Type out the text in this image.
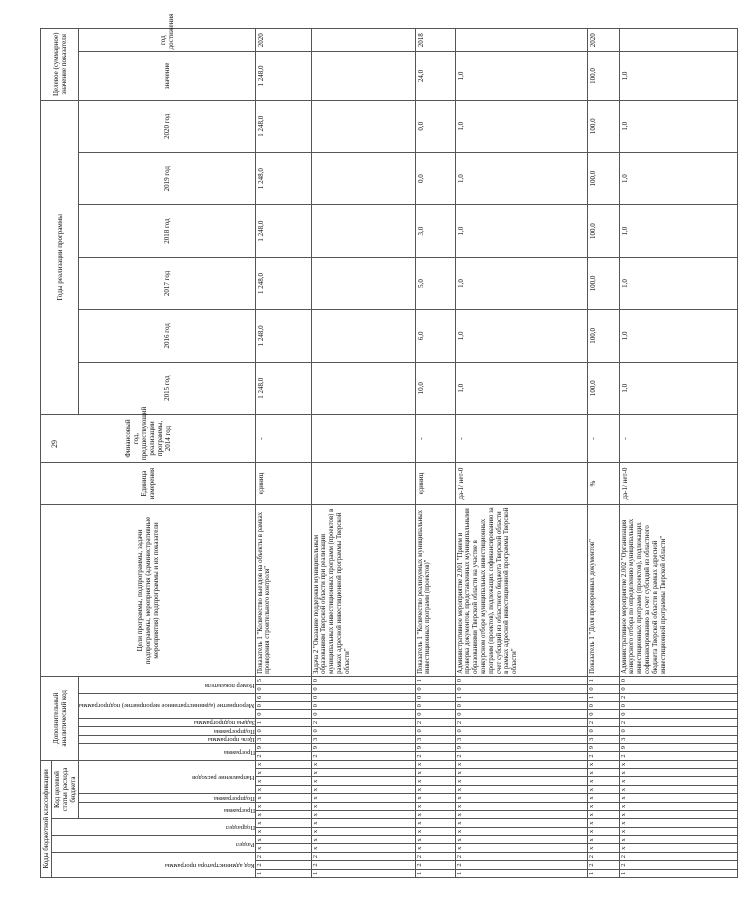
29
Коды бюджетной классификации														Дополнительный аналитический код										Цели программы, подпрограммы, задачи подпрограммы, мероприятия (административные мероприятия) подпрограммы и их показатели	Единица измерения	Финансовый год, предшествующий реализации программы, 2014 год	Годы реализации программы						Целевое (суммарное) значение показателя	

Код администратора программы			Раздел		Подраздел		Код целевой статьи расхода бюджета																											

							Программа		Подпрограмма	Направление расходов				Программа		Цель программы	Подпрограмма	Задача подпрограммы	Мероприятие (административное мероприятие) подпрограммы			Номер показателя					2015 год	2016 год	2017 год	2018 год	2019 год	2020 год	значение	год достижения
1	2	2	х	х	х	х	х	х	х	х	х	х	х	2	9	3	0	1	0	0	6	0	5	Показатель 1 "Количество выездов на объекты в рамках проведения строительного контроля"	единиц	-	1 248,0	1 248,0	1 248,0	1 248,0	1 248,0	1 248,0	1 248,0	2020
1	2	2	х	х	х	х	х	х	х	х	х	х	х	2	9	3	0	2	0	0	0	0	0	Задача 2 "Оказание поддержки муниципальным образованиям Тверской области при реализации муниципальных инвестиционных программ (проектов) в рамках адресной инвестиционной программы Тверской области"										
1	2	2	х	х	х	х	х	х	х	х	х	х	х	2	9	3	0	2	0	0	0	0	1	Показатель 1 "Количество реализуемых муниципальных инвестиционных программ (проектов)"	единиц	-	10,0	6,0	5,0	3,0	0,0	0,0	24,0	2018
1	2	2	х	х	х	х	х	х	х	х	х	х	х	2	9	3	0	2	0	0	1	0	0	Административное мероприятие 2.001 "Прием и проверка документов, представленных муниципальными образованиями Тверской области на участие в конкурсном отборе муниципальных инвестиционных программ (проектов), подлежащих софинансированию за счет субсидий из областного бюджета Тверской области в рамках адресной инвестиционной программы Тверской области"	да-1/ нет-0	-	1,0	1,0	1,0	1,0	1,0	1,0	1,0	
1	2	2	х	х	х	х	х	х	х	х	х	х	х	2	9	3	0	2	0	0	1	0	1	Показатель 1 "Доля проверенных документов"	%	-	100,0	100,0	100,0	100,0	100,0	100,0	100,0	2020
1	2	2	х	х	х	х	х	х	х	х	х	х	х	2	9	3	0	2	0	0	2	0	0	Административное мероприятие 2.002 "Организация конкурсного отбора по определению муниципальных инвестиционных программ (проектов), подлежащих софинансированию за счет субсидий из областного бюджета Тверской области в рамках адресной инвестиционной программы Тверской области"	да-1/ нет-0	-	1,0	1,0	1,0	1,0	1,0	1,0	1,0	
